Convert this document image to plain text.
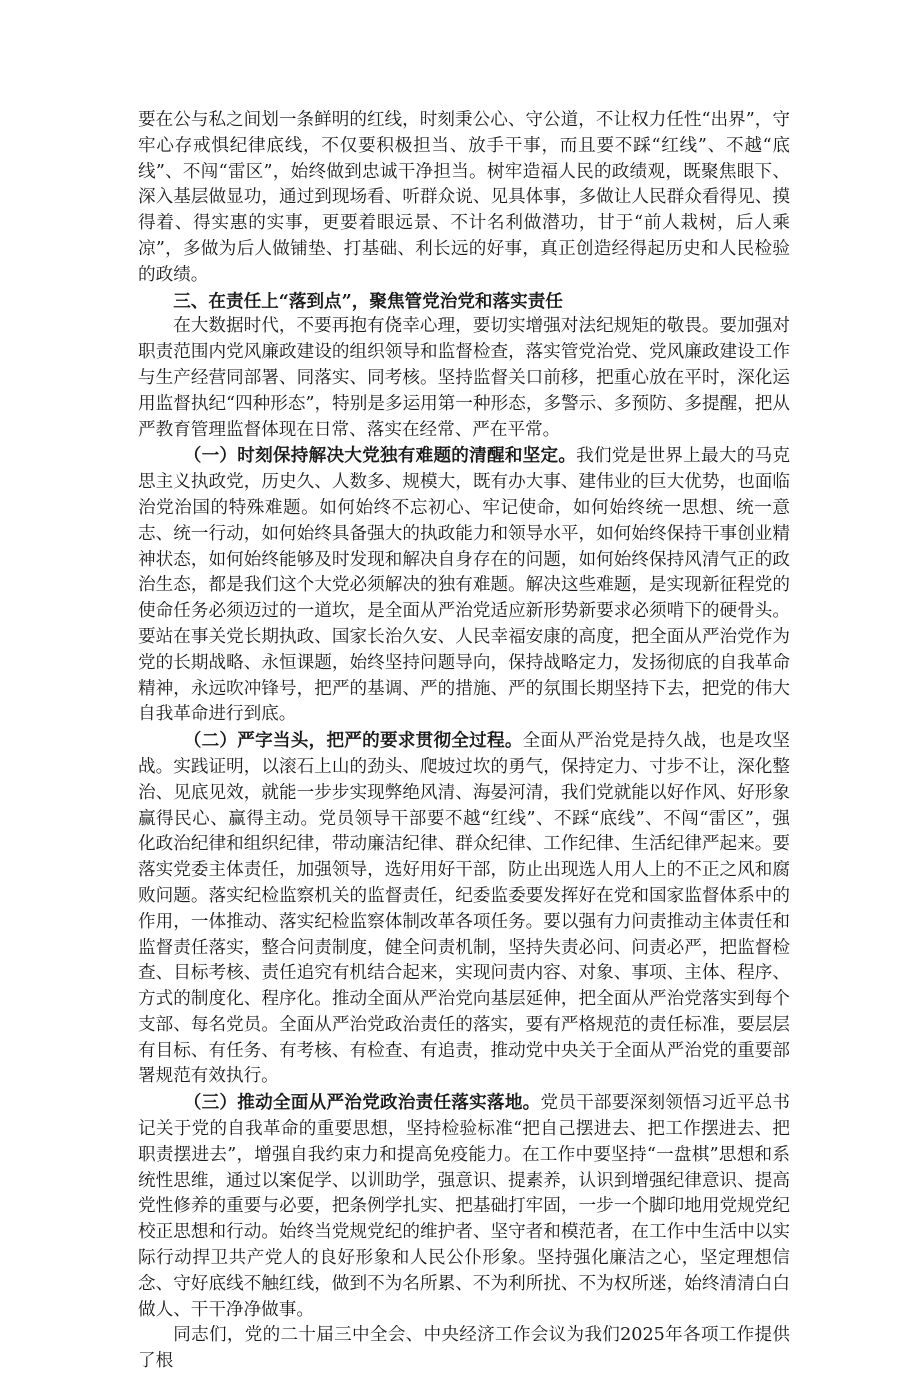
要在公与私之间划一条鲜明的红线，时刻秉公心、守公道，不让权力任性“出界”，守牢心存戒惧纪律底线，不仅要积极担当、放手干事，而且要不踩“红线”、不越“底线”、不闯“雷区”，始终做到忠诚干净担当。树牢造福人民的政绩观，既聚焦眼下、深入基层做显功，通过到现场看、听群众说、见具体事，多做让人民群众看得见、摸得着、得实惠的实事，更要着眼远景、不计名利做潜功，甘于“前人栽树，后人乘凉”，多做为后人做铺垫、打基础、利长远的好事，真正创造经得起历史和人民检验的政绩。

三、在责任上“落到点”，聚焦管党治党和落实责任

在大数据时代，不要再抱有侥幸心理，要切实增强对法纪规矩的敬畏。要加强对职责范围内党风廉政建设的组织领导和监督检查，落实管党治党、党风廉政建设工作与生产经营同部署、同落实、同考核。坚持监督关口前移，把重心放在平时，深化运用监督执纪“四种形态”，特别是多运用第一种形态，多警示、多预防、多提醒，把从严教育管理监督体现在日常、落实在经常、严在平常。

（一）时刻保持解决大党独有难题的清醒和坚定。我们党是世界上最大的马克思主义执政党，历史久、人数多、规模大，既有办大事、建伟业的巨大优势，也面临治党治国的特殊难题。如何始终不忘初心、牢记使命，如何始终统一思想、统一意志、统一行动，如何始终具备强大的执政能力和领导水平，如何始终保持干事创业精神状态，如何始终能够及时发现和解决自身存在的问题，如何始终保持风清气正的政治生态，都是我们这个大党必须解决的独有难题。解决这些难题，是实现新征程党的使命任务必须迈过的一道坎，是全面从严治党适应新形势新要求必须啃下的硬骨头。要站在事关党长期执政、国家长治久安、人民幸福安康的高度，把全面从严治党作为党的长期战略、永恒课题，始终坚持问题导向，保持战略定力，发扬彻底的自我革命精神，永远吹冲锋号，把严的基调、严的措施、严的氛围长期坚持下去，把党的伟大自我革命进行到底。

（二）严字当头，把严的要求贯彻全过程。全面从严治党是持久战，也是攻坚战。实践证明，以滚石上山的劲头、爬坡过坎的勇气，保持定力、寸步不让，深化整治、见底见效，就能一步步实现弊绝风清、海晏河清，我们党就能以好作风、好形象赢得民心、赢得主动。党员领导干部要不越“红线”、不踩“底线”、不闯“雷区”，强化政治纪律和组织纪律，带动廉洁纪律、群众纪律、工作纪律、生活纪律严起来。要落实党委主体责任，加强领导，选好用好干部，防止出现选人用人上的不正之风和腐败问题。落实纪检监察机关的监督责任，纪委监委要发挥好在党和国家监督体系中的作用，一体推动、落实纪检监察体制改革各项任务。要以强有力问责推动主体责任和监督责任落实，整合问责制度，健全问责机制，坚持失责必问、问责必严，把监督检查、目标考核、责任追究有机结合起来，实现问责内容、对象、事项、主体、程序、方式的制度化、程序化。推动全面从严治党向基层延伸，把全面从严治党落实到每个支部、每名党员。全面从严治党政治责任的落实，要有严格规范的责任标准，要层层有目标、有任务、有考核、有检查、有追责，推动党中央关于全面从严治党的重要部署规范有效执行。

（三）推动全面从严治党政治责任落实落地。党员干部要深刻领悟习近平总书记关于党的自我革命的重要思想，坚持检验标准“把自己摆进去、把工作摆进去、把职责摆进去”，增强自我约束力和提高免疫能力。在工作中要坚持“一盘棋”思想和系统性思维，通过以案促学、以训助学，强意识、提素养，认识到增强纪律意识、提高党性修养的重要与必要，把条例学扎实、把基础打牢固，一步一个脚印地用党规党纪校正思想和行动。始终当党规党纪的维护者、坚守者和模范者，在工作中生活中以实际行动捍卫共产党人的良好形象和人民公仆形象。坚持强化廉洁之心，坚定理想信念、守好底线不触红线，做到不为名所累、不为利所扰、不为权所迷，始终清清白白做人、干干净净做事。

同志们，党的二十届三中全会、中央经济工作会议为我们2025年各项工作提供了根
